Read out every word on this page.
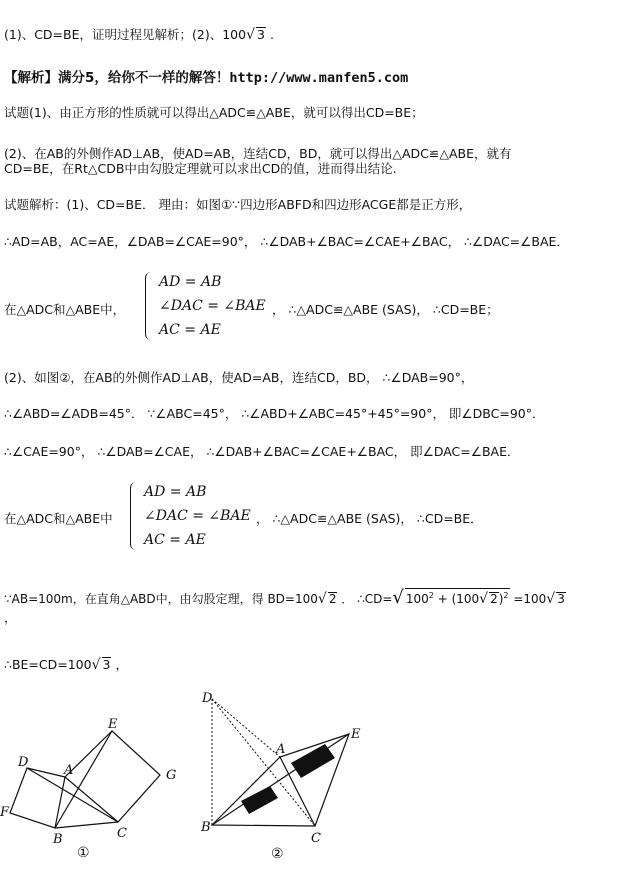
(1)、CD=BE，证明过程见解析；(2)、100√ 3 .
【解析】满分5，给你不一样的解答！http://www.manfen5.com
试题(1)、由正方形的性质就可以得出△ADC≌△ABE，就可以得出CD=BE；
(2)、在AB的外侧作AD⊥AB，使AD=AB，连结CD，BD，就可以得出△ADC≌△ABE，就有
CD=BE，在Rt△CDB中由勾股定理就可以求出CD的值，进而得出结论.
试题解析：(1)、CD=BE． 理由：如图①∵四边形ABFD和四边形ACGE都是正方形，
∴AD=AB，AC=AE，∠DAB=∠CAE=90°， ∴∠DAB+∠BAC=∠CAE+∠BAC， ∴∠DAC=∠BAE．
在△ADC和△ABE中，
AD = AB
∠DAC = ∠BAE
AC = AE
， ∴△ADC≌△ABE (SAS)， ∴CD=BE；
(2)、如图②，在AB的外侧作AD⊥AB，使AD=AB，连结CD，BD， ∴∠DAB=90°，
∴∠ABD=∠ADB=45°． ∵∠ABC=45°， ∴∠ABD+∠ABC=45°+45°=90°， 即∠DBC=90°．
∴∠CAE=90°， ∴∠DAB=∠CAE， ∴∠DAB+∠BAC=∠CAE+∠BAC， 即∠DAC=∠BAE．
在△ADC和△ABE中
AD = AB
∠DAC = ∠BAE
AC = AE
， ∴△ADC≌△ABE (SAS)， ∴CD=BE．
∵AB=100m，在直角△ABD中，由勾股定理，得 BD=100√ 2 ． ∴CD=√ $100^2 + (100√$ 2)$^2$ =100√ 3
，
∴BE=CD=100√ 3 ，
D
A
E
G
F
B	C
①
D
A
E
B
C
②
